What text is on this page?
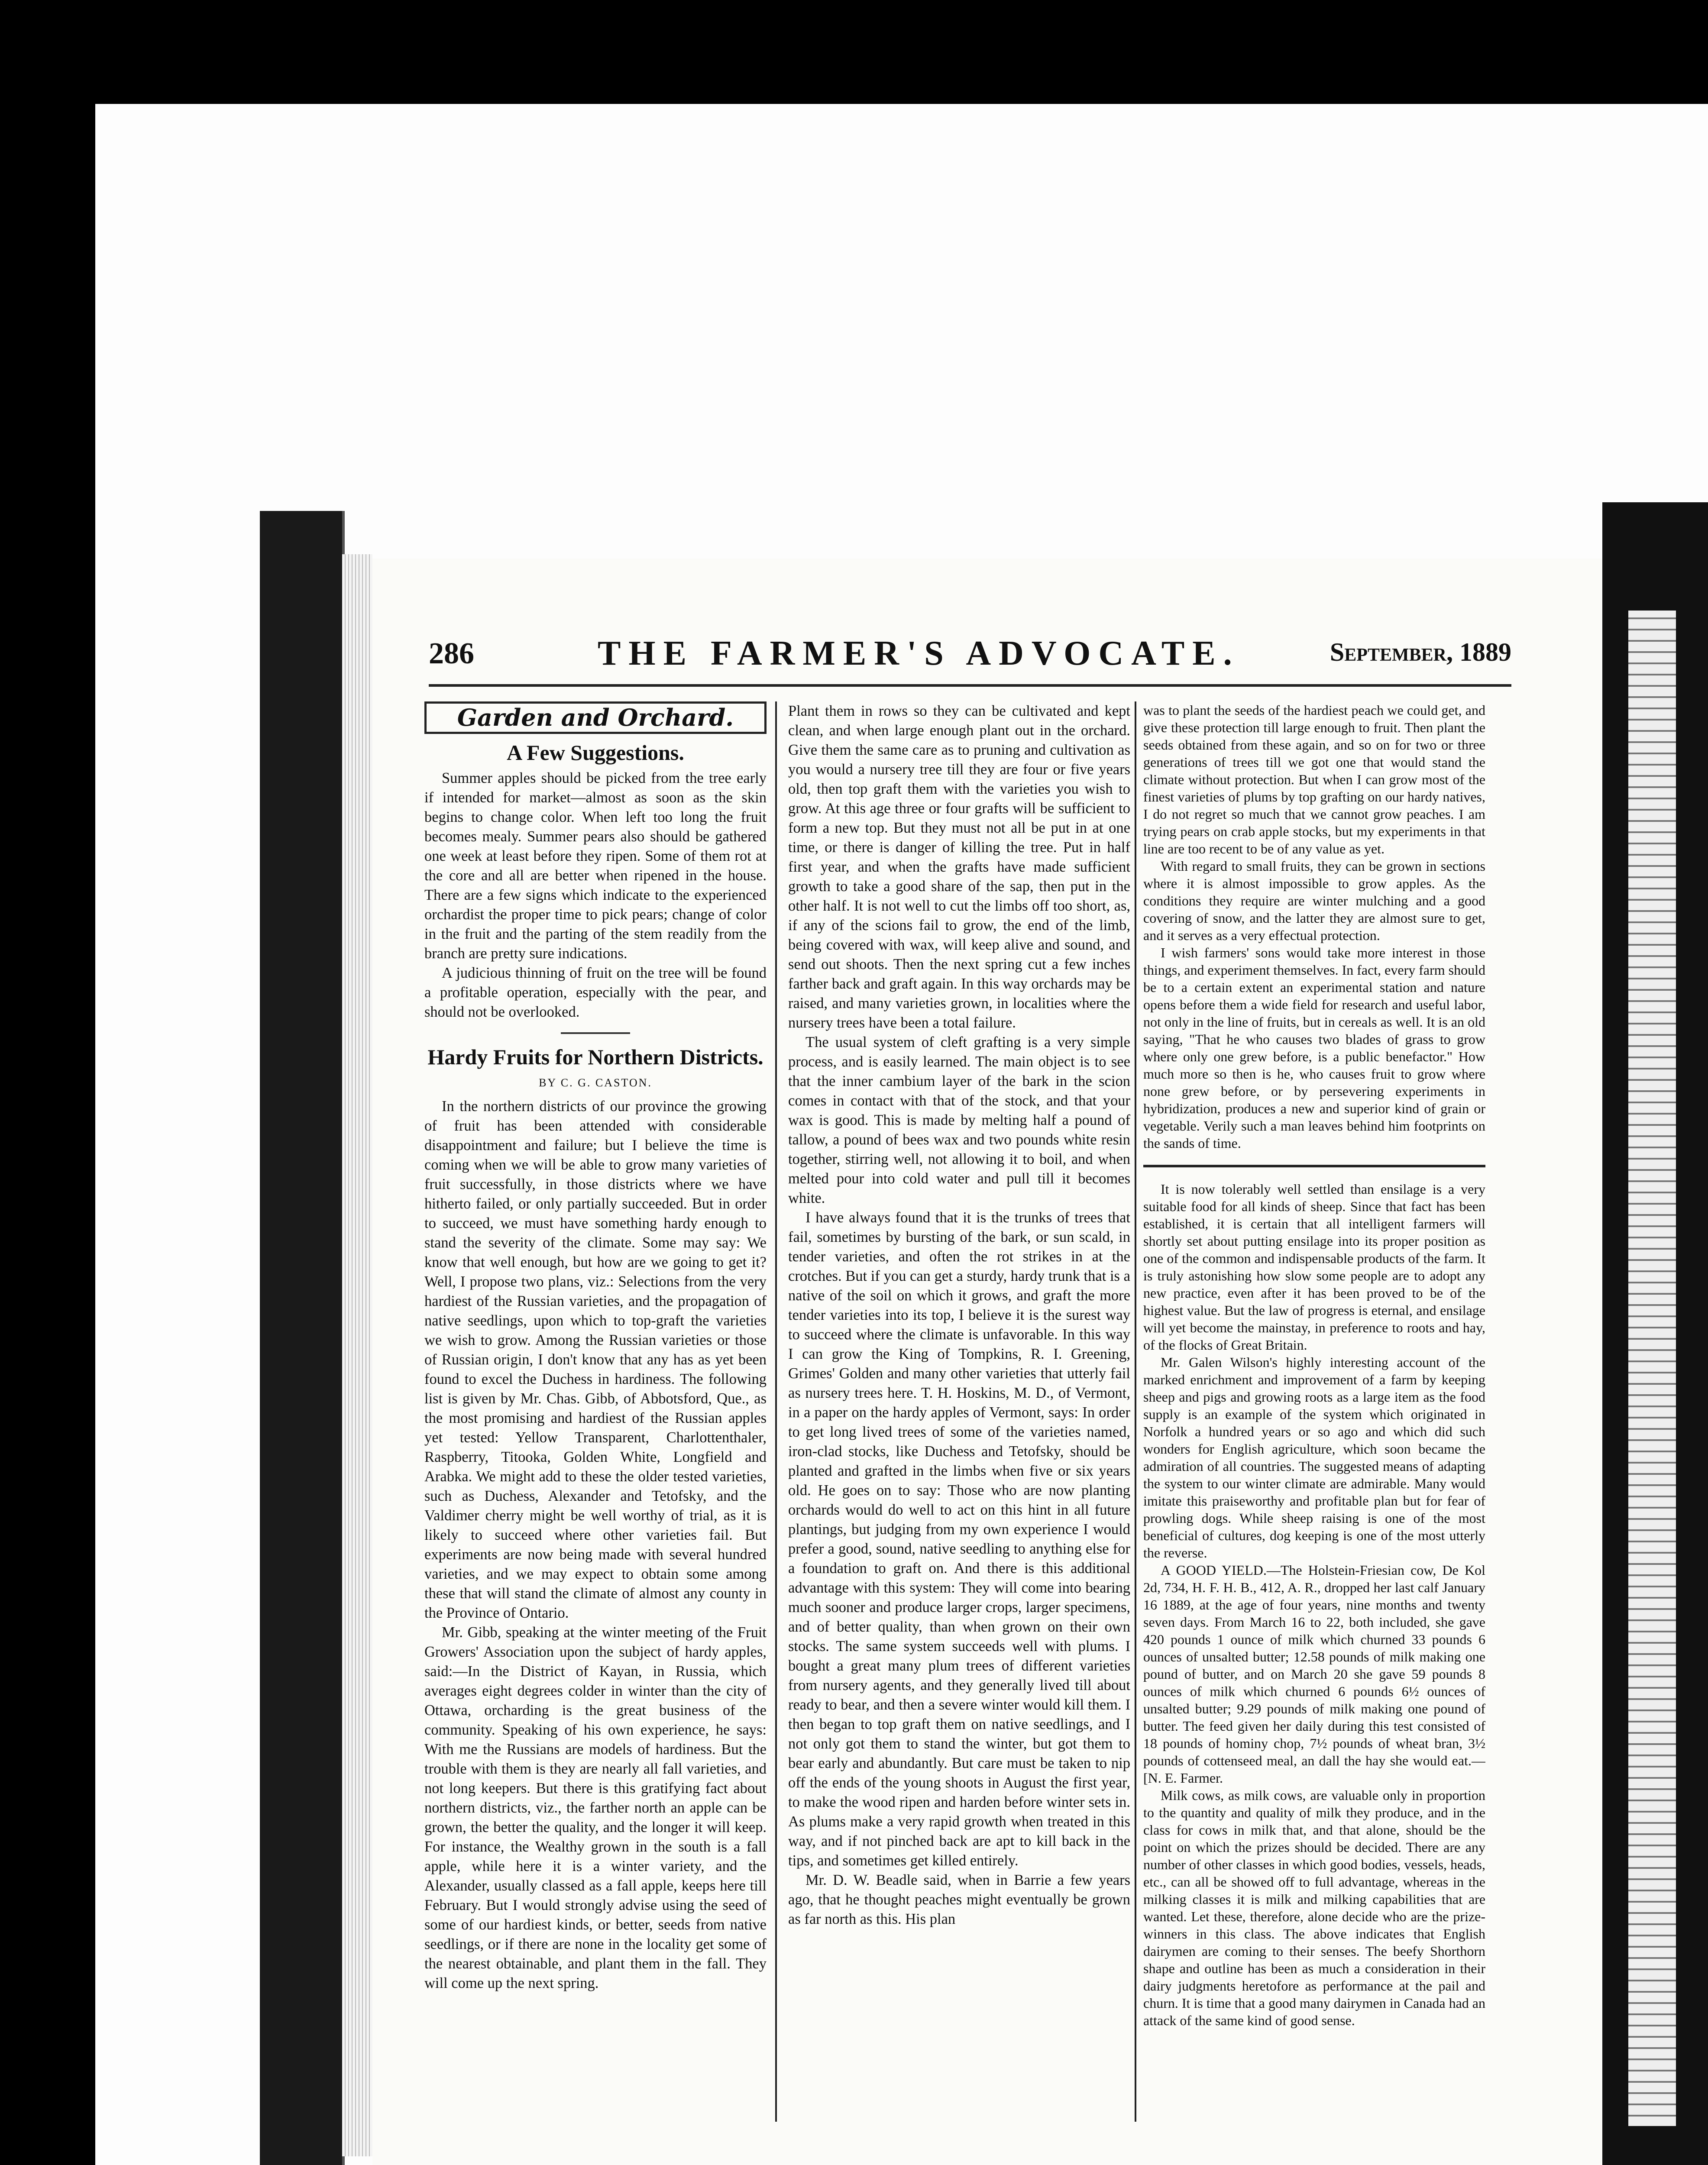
286	THE FARMER'S ADVOCATE.	September, 1889
Garden and Orchard.
A Few Suggestions.

Summer apples should be picked from the tree early if intended for market—almost as soon as the skin begins to change color. When left too long the fruit becomes mealy. Summer pears also should be gathered one week at least before they ripen. Some of them rot at the core and all are better when ripened in the house. There are a few signs which indicate to the experienced orchardist the proper time to pick pears; change of color in the fruit and the parting of the stem readily from the branch are pretty sure indications.

A judicious thinning of fruit on the tree will be found a profitable operation, especially with the pear, and should not be overlooked.

Hardy Fruits for Northern Districts.
BY C. G. CASTON.

In the northern districts of our province the growing of fruit has been attended with considerable disappointment and failure; but I believe the time is coming when we will be able to grow many varieties of fruit successfully, in those districts where we have hitherto failed, or only partially succeeded. But in order to succeed, we must have something hardy enough to stand the severity of the climate. Some may say: We know that well enough, but how are we going to get it? Well, I propose two plans, viz.: Selections from the very hardiest of the Russian varieties, and the propagation of native seedlings, upon which to top-graft the varieties we wish to grow. Among the Russian varieties or those of Russian origin, I don't know that any has as yet been found to excel the Duchess in hardiness. The following list is given by Mr. Chas. Gibb, of Abbotsford, Que., as the most promising and hardiest of the Russian apples yet tested: Yellow Transparent, Charlottenthaler, Raspberry, Titooka, Golden White, Longfield and Arabka. We might add to these the older tested varieties, such as Duchess, Alexander and Tetofsky, and the Valdimer cherry might be well worthy of trial, as it is likely to succeed where other varieties fail. But experiments are now being made with several hundred varieties, and we may expect to obtain some among these that will stand the climate of almost any county in the Province of Ontario.

Mr. Gibb, speaking at the winter meeting of the Fruit Growers' Association upon the subject of hardy apples, said:—In the District of Kayan, in Russia, which averages eight degrees colder in winter than the city of Ottawa, orcharding is the great business of the community. Speaking of his own experience, he says: With me the Russians are models of hardiness. But the trouble with them is they are nearly all fall varieties, and not long keepers. But there is this gratifying fact about northern districts, viz., the farther north an apple can be grown, the better the quality, and the longer it will keep. For instance, the Wealthy grown in the south is a fall apple, while here it is a winter variety, and the Alexander, usually classed as a fall apple, keeps here till February. But I would strongly advise using the seed of some of our hardiest kinds, or better, seeds from native seedlings, or if there are none in the locality get some of the nearest obtainable, and plant them in the fall. They will come up the next spring.

Plant them in rows so they can be cultivated and kept clean, and when large enough plant out in the orchard. Give them the same care as to pruning and cultivation as you would a nursery tree till they are four or five years old, then top graft them with the varieties you wish to grow. At this age three or four grafts will be sufficient to form a new top. But they must not all be put in at one time, or there is danger of killing the tree. Put in half first year, and when the grafts have made sufficient growth to take a good share of the sap, then put in the other half. It is not well to cut the limbs off too short, as, if any of the scions fail to grow, the end of the limb, being covered with wax, will keep alive and sound, and send out shoots. Then the next spring cut a few inches farther back and graft again. In this way orchards may be raised, and many varieties grown, in localities where the nursery trees have been a total failure.

The usual system of cleft grafting is a very simple process, and is easily learned. The main object is to see that the inner cambium layer of the bark in the scion comes in contact with that of the stock, and that your wax is good. This is made by melting half a pound of tallow, a pound of bees wax and two pounds white resin together, stirring well, not allowing it to boil, and when melted pour into cold water and pull till it becomes white.

I have always found that it is the trunks of trees that fail, sometimes by bursting of the bark, or sun scald, in tender varieties, and often the rot strikes in at the crotches. But if you can get a sturdy, hardy trunk that is a native of the soil on which it grows, and graft the more tender varieties into its top, I believe it is the surest way to succeed where the climate is unfavorable. In this way I can grow the King of Tompkins, R. I. Greening, Grimes' Golden and many other varieties that utterly fail as nursery trees here. T. H. Hoskins, M. D., of Vermont, in a paper on the hardy apples of Vermont, says: In order to get long lived trees of some of the varieties named, iron-clad stocks, like Duchess and Tetofsky, should be planted and grafted in the limbs when five or six years old. He goes on to say: Those who are now planting orchards would do well to act on this hint in all future plantings, but judging from my own experience I would prefer a good, sound, native seedling to anything else for a foundation to graft on. And there is this additional advantage with this system: They will come into bearing much sooner and produce larger crops, larger specimens, and of better quality, than when grown on their own stocks. The same system succeeds well with plums. I bought a great many plum trees of different varieties from nursery agents, and they generally lived till about ready to bear, and then a severe winter would kill them. I then began to top graft them on native seedlings, and I not only got them to stand the winter, but got them to bear early and abundantly. But care must be taken to nip off the ends of the young shoots in August the first year, to make the wood ripen and harden before winter sets in. As plums make a very rapid growth when treated in this way, and if not pinched back are apt to kill back in the tips, and sometimes get killed entirely.

Mr. D. W. Beadle said, when in Barrie a few years ago, that he thought peaches might eventually be grown as far north as this. His plan

was to plant the seeds of the hardiest peach we could get, and give these protection till large enough to fruit. Then plant the seeds obtained from these again, and so on for two or three generations of trees till we got one that would stand the climate without protection. But when I can grow most of the finest varieties of plums by top grafting on our hardy natives, I do not regret so much that we cannot grow peaches. I am trying pears on crab apple stocks, but my experiments in that line are too recent to be of any value as yet.

With regard to small fruits, they can be grown in sections where it is almost impossible to grow apples. As the conditions they require are winter mulching and a good covering of snow, and the latter they are almost sure to get, and it serves as a very effectual protection.

I wish farmers' sons would take more interest in those things, and experiment themselves. In fact, every farm should be to a certain extent an experimental station and nature opens before them a wide field for research and useful labor, not only in the line of fruits, but in cereals as well. It is an old saying, "That he who causes two blades of grass to grow where only one grew before, is a public benefactor." How much more so then is he, who causes fruit to grow where none grew before, or by persevering experiments in hybridization, produces a new and superior kind of grain or vegetable. Verily such a man leaves behind him footprints on the sands of time.

It is now tolerably well settled than ensilage is a very suitable food for all kinds of sheep. Since that fact has been established, it is certain that all intelligent farmers will shortly set about putting ensilage into its proper position as one of the common and indispensable products of the farm. It is truly astonishing how slow some people are to adopt any new practice, even after it has been proved to be of the highest value. But the law of progress is eternal, and ensilage will yet become the mainstay, in preference to roots and hay, of the flocks of Great Britain.

Mr. Galen Wilson's highly interesting account of the marked enrichment and improvement of a farm by keeping sheep and pigs and growing roots as a large item as the food supply is an example of the system which originated in Norfolk a hundred years or so ago and which did such wonders for English agriculture, which soon became the admiration of all countries. The suggested means of adapting the system to our winter climate are admirable. Many would imitate this praiseworthy and profitable plan but for fear of prowling dogs. While sheep raising is one of the most beneficial of cultures, dog keeping is one of the most utterly the reverse.

A GOOD YIELD.—The Holstein-Friesian cow, De Kol 2d, 734, H. F. H. B., 412, A. R., dropped her last calf January 16 1889, at the age of four years, nine months and twenty seven days. From March 16 to 22, both included, she gave 420 pounds 1 ounce of milk which churned 33 pounds 6 ounces of unsalted butter; 12.58 pounds of milk making one pound of butter, and on March 20 she gave 59 pounds 8 ounces of milk which churned 6 pounds 6½ ounces of unsalted butter; 9.29 pounds of milk making one pound of butter. The feed given her daily during this test consisted of 18 pounds of hominy chop, 7½ pounds of wheat bran, 3½ pounds of cottenseed meal, an dall the hay she would eat.—[N. E. Farmer.

Milk cows, as milk cows, are valuable only in proportion to the quantity and quality of milk they produce, and in the class for cows in milk that, and that alone, should be the point on which the prizes should be decided. There are any number of other classes in which good bodies, vessels, heads, etc., can all be showed off to full advantage, whereas in the milking classes it is milk and milking capabilities that are wanted. Let these, therefore, alone decide who are the prize-winners in this class. The above indicates that English dairymen are coming to their senses. The beefy Shorthorn shape and outline has been as much a consideration in their dairy judgments heretofore as performance at the pail and churn. It is time that a good many dairymen in Canada had an attack of the same kind of good sense.
